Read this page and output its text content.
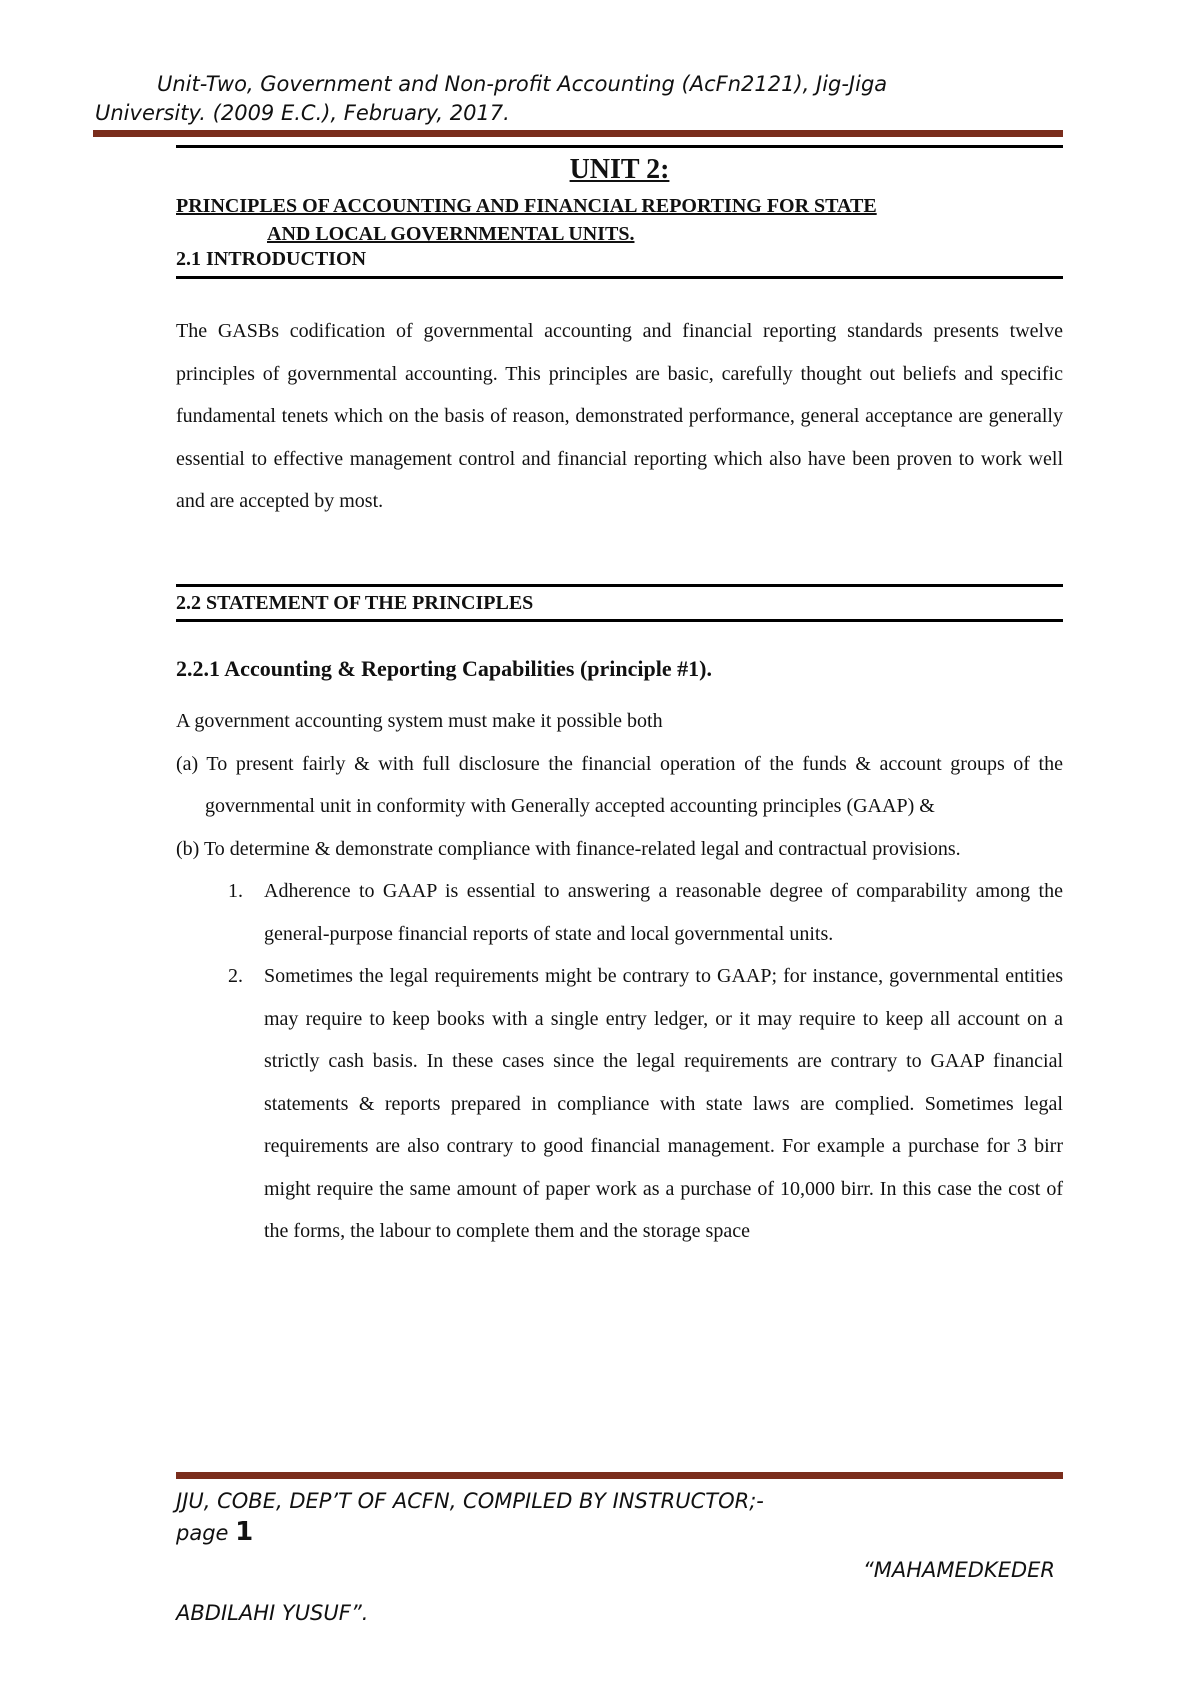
Unit-Two, Government and Non-profit Accounting (AcFn2121), Jig-Jiga
University. (2009 E.C.), February, 2017.
UNIT 2:
PRINCIPLES OF ACCOUNTING AND FINANCIAL REPORTING FOR STATE
AND LOCAL GOVERNMENTAL UNITS.
2.1 INTRODUCTION

The GASBs codification of governmental accounting and financial reporting standards presents twelve principles of governmental accounting. This principles are basic, carefully thought out beliefs and specific fundamental tenets which on the basis of reason, demonstrated performance, general acceptance are generally essential to effective management control and financial reporting which also have been proven to work well and are accepted by most.

2.2 STATEMENT OF THE PRINCIPLES
2.2.1 Accounting & Reporting Capabilities (principle #1).

A government accounting system must make it possible both

(a) To present fairly & with full disclosure the financial operation of the funds & account groups of the governmental unit in conformity with Generally accepted accounting principles (GAAP) &

(b) To determine & demonstrate compliance with finance-related legal and contractual provisions.

1. Adherence to GAAP is essential to answering a reasonable degree of comparability among the general-purpose financial reports of state and local governmental units.
2. Sometimes the legal requirements might be contrary to GAAP; for instance, governmental entities may require to keep books with a single entry ledger, or it may require to keep all account on a strictly cash basis. In these cases since the legal requirements are contrary to GAAP financial statements & reports prepared in compliance with state laws are complied. Sometimes legal requirements are also contrary to good financial management. For example a purchase for 3 birr might require the same amount of paper work as a purchase of 10,000 birr. In this case the cost of the forms, the labour to complete them and the storage space
JJU, COBE, DEP’T OF ACFN, COMPILED BY INSTRUCTOR;-
page 1
“MAHAMEDKEDER
ABDILAHI YUSUF”.
